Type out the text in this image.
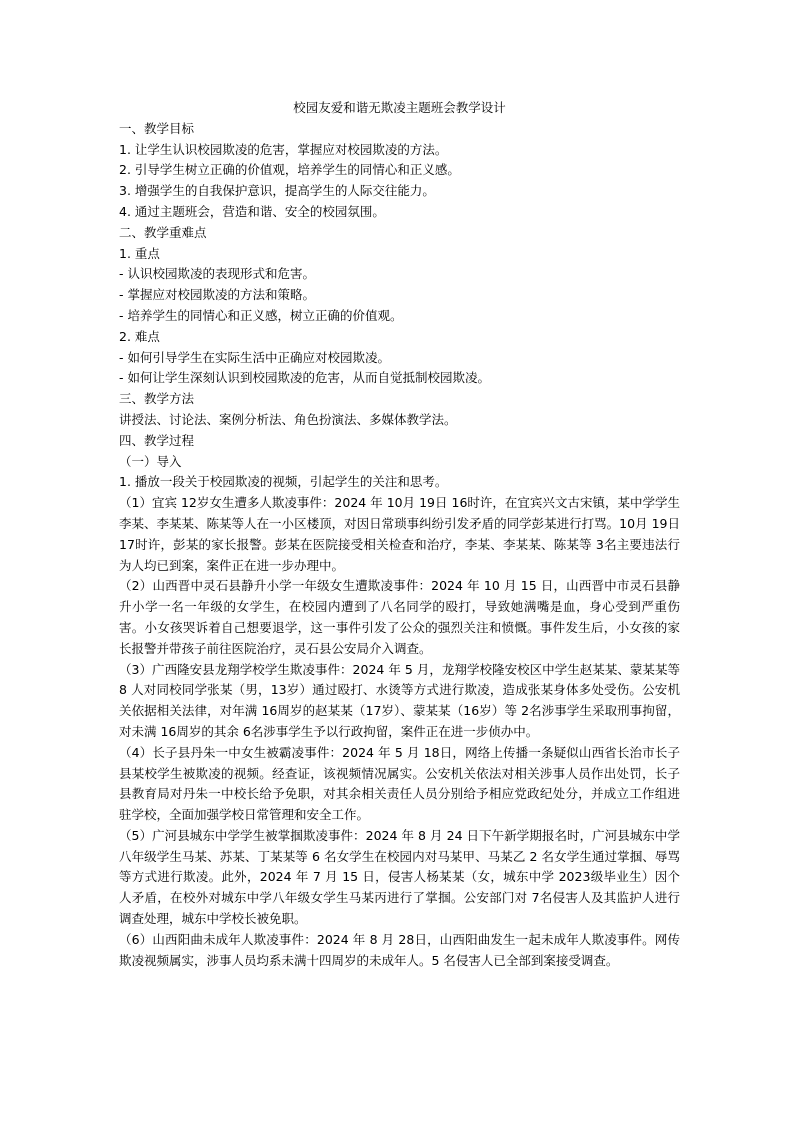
校园友爱和谐无欺凌主题班会教学设计

一、教学目标

1. 让学生认识校园欺凌的危害，掌握应对校园欺凌的方法。

2. 引导学生树立正确的价值观，培养学生的同情心和正义感。

3. 增强学生的自我保护意识，提高学生的人际交往能力。

4. 通过主题班会，营造和谐、安全的校园氛围。

二、教学重难点

1. 重点

- 认识校园欺凌的表现形式和危害。

- 掌握应对校园欺凌的方法和策略。

- 培养学生的同情心和正义感，树立正确的价值观。

2. 难点

- 如何引导学生在实际生活中正确应对校园欺凌。

- 如何让学生深刻认识到校园欺凌的危害，从而自觉抵制校园欺凌。

三、教学方法

讲授法、讨论法、案例分析法、角色扮演法、多媒体教学法。

四、教学过程

（一）导入

1. 播放一段关于校园欺凌的视频，引起学生的关注和思考。

（1）宜宾 12岁女生遭多人欺凌事件：2024 年 10月 19日 16时许，在宜宾兴文古宋镇，某中学学生李某、李某某、陈某等人在一小区楼顶，对因日常琐事纠纷引发矛盾的同学彭某进行打骂。10月 19日 17时许，彭某的家长报警。彭某在医院接受相关检查和治疗，李某、李某某、陈某等 3名主要违法行为人均已到案，案件正在进一步办理中。

（2）山西晋中灵石县静升小学一年级女生遭欺凌事件：2024 年 10 月 15 日，山西晋中市灵石县静升小学一名一年级的女学生，在校园内遭到了八名同学的殴打，导致她满嘴是血，身心受到严重伤害。小女孩哭诉着自己想要退学，这一事件引发了公众的强烈关注和愤慨。事件发生后，小女孩的家长报警并带孩子前往医院治疗，灵石县公安局介入调查。

（3）广西隆安县龙翔学校学生欺凌事件：2024 年 5 月，龙翔学校隆安校区中学生赵某某、蒙某某等 8 人对同校同学张某（男，13岁）通过殴打、水烫等方式进行欺凌，造成张某身体多处受伤。公安机关依据相关法律，对年满 16周岁的赵某某（17岁）、蒙某某（16岁）等 2名涉事学生采取刑事拘留，对未满 16周岁的其余 6名涉事学生予以行政拘留，案件正在进一步侦办中。

（4）长子县丹朱一中女生被霸凌事件：2024 年 5 月 18日，网络上传播一条疑似山西省长治市长子县某校学生被欺凌的视频。经查证，该视频情况属实。公安机关依法对相关涉事人员作出处罚，长子县教育局对丹朱一中校长给予免职，对其余相关责任人员分别给予相应党政纪处分，并成立工作组进驻学校，全面加强学校日常管理和安全工作。

（5）广河县城东中学学生被掌掴欺凌事件：2024 年 8 月 24 日下午新学期报名时，广河县城东中学八年级学生马某、苏某、丁某某等 6 名女学生在校园内对马某甲、马某乙 2 名女学生通过掌掴、辱骂等方式进行欺凌。此外，2024 年 7 月 15 日，侵害人杨某某（女，城东中学 2023级毕业生）因个人矛盾，在校外对城东中学八年级女学生马某丙进行了掌掴。公安部门对 7名侵害人及其监护人进行调查处理，城东中学校长被免职。

（6）山西阳曲未成年人欺凌事件：2024 年 8 月 28日，山西阳曲发生一起未成年人欺凌事件。网传欺凌视频属实，涉事人员均系未满十四周岁的未成年人。5 名侵害人已全部到案接受调查。
